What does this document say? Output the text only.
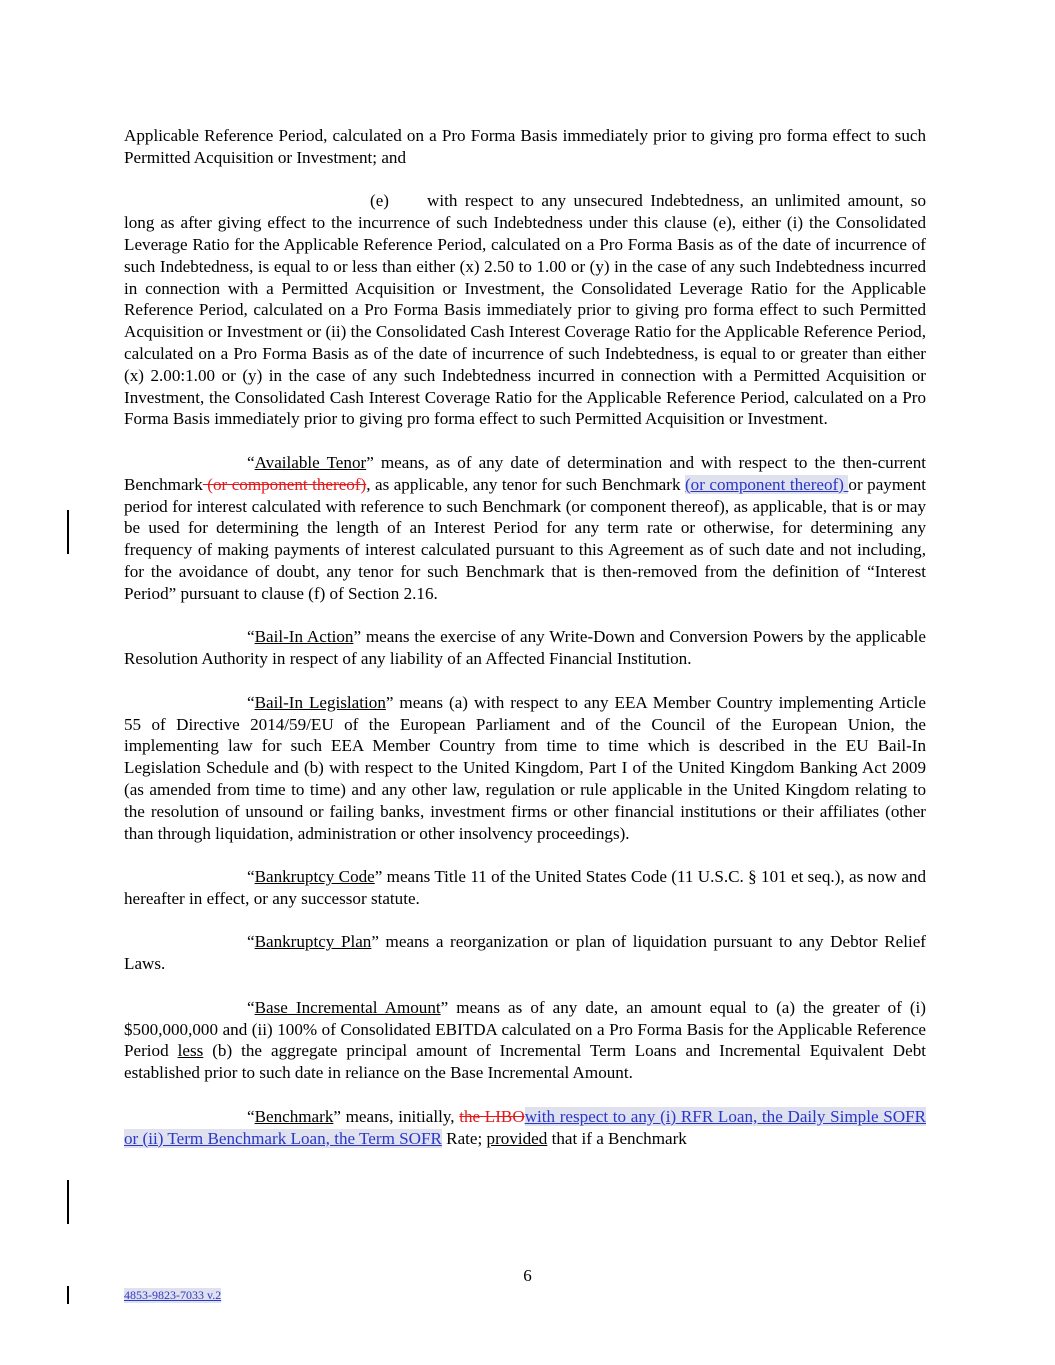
Applicable Reference Period, calculated on a Pro Forma Basis immediately prior to giving pro forma effect to such Permitted Acquisition or Investment; and

(e) with respect to any unsecured Indebtedness, an unlimited amount, so long as after giving effect to the incurrence of such Indebtedness under this clause (e), either (i) the Consolidated Leverage Ratio for the Applicable Reference Period, calculated on a Pro Forma Basis as of the date of incurrence of such Indebtedness, is equal to or less than either (x) 2.50 to 1.00 or (y) in the case of any such Indebtedness incurred in connection with a Permitted Acquisition or Investment, the Consolidated Leverage Ratio for the Applicable Reference Period, calculated on a Pro Forma Basis immediately prior to giving pro forma effect to such Permitted Acquisition or Investment or (ii) the Consolidated Cash Interest Coverage Ratio for the Applicable Reference Period, calculated on a Pro Forma Basis as of the date of incurrence of such Indebtedness, is equal to or greater than either (x) 2.00:1.00 or (y) in the case of any such Indebtedness incurred in connection with a Permitted Acquisition or Investment, the Consolidated Cash Interest Coverage Ratio for the Applicable Reference Period, calculated on a Pro Forma Basis immediately prior to giving pro forma effect to such Permitted Acquisition or Investment.

“Available Tenor” means, as of any date of determination and with respect to the then-current Benchmark (or component thereof), as applicable, any tenor for such Benchmark (or component thereof) or payment period for interest calculated with reference to such Benchmark (or component thereof), as applicable, that is or may be used for determining the length of an Interest Period for any term rate or otherwise, for determining any frequency of making payments of interest calculated pursuant to this Agreement as of such date and not including, for the avoidance of doubt, any tenor for such Benchmark that is then-removed from the definition of “Interest Period” pursuant to clause (f) of Section 2.16.

“Bail-In Action” means the exercise of any Write-Down and Conversion Powers by the applicable Resolution Authority in respect of any liability of an Affected Financial Institution.

“Bail-In Legislation” means (a) with respect to any EEA Member Country implementing Article 55 of Directive 2014/59/EU of the European Parliament and of the Council of the European Union, the implementing law for such EEA Member Country from time to time which is described in the EU Bail-In Legislation Schedule and (b) with respect to the United Kingdom, Part I of the United Kingdom Banking Act 2009 (as amended from time to time) and any other law, regulation or rule applicable in the United Kingdom relating to the resolution of unsound or failing banks, investment firms or other financial institutions or their affiliates (other than through liquidation, administration or other insolvency proceedings).

“Bankruptcy Code” means Title 11 of the United States Code (11 U.S.C. § 101 et seq.), as now and hereafter in effect, or any successor statute.

“Bankruptcy Plan” means a reorganization or plan of liquidation pursuant to any Debtor Relief Laws.

“Base Incremental Amount” means as of any date, an amount equal to (a) the greater of (i) $500,000,000 and (ii) 100% of Consolidated EBITDA calculated on a Pro Forma Basis for the Applicable Reference Period less (b) the aggregate principal amount of Incremental Term Loans and Incremental Equivalent Debt established prior to such date in reliance on the Base Incremental Amount.

“Benchmark” means, initially, the LIBOwith respect to any (i) RFR Loan, the Daily Simple SOFR or (ii) Term Benchmark Loan, the Term SOFR Rate; provided that if a Benchmark

6
4853-9823-7033 v.2
